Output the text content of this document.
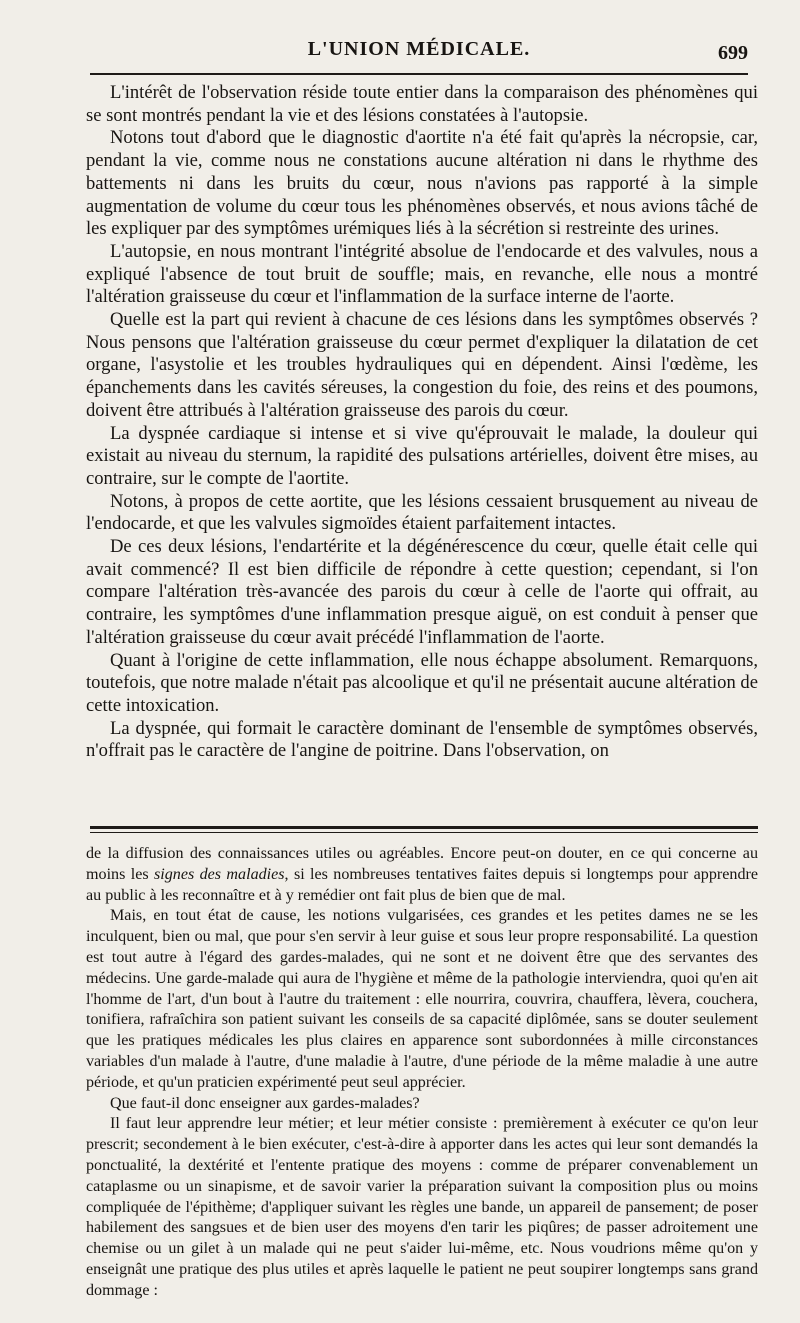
L'UNION MÉDICALE.	699

L'intérêt de l'observation réside toute entier dans la comparaison des phénomènes qui se sont montrés pendant la vie et des lésions constatées à l'autopsie.

Notons tout d'abord que le diagnostic d'aortite n'a été fait qu'après la nécropsie, car, pendant la vie, comme nous ne constations aucune altération ni dans le rhythme des battements ni dans les bruits du cœur, nous n'avions pas rapporté à la simple augmentation de volume du cœur tous les phénomènes observés, et nous avions tâché de les expliquer par des symptômes urémiques liés à la sécrétion si restreinte des urines.

L'autopsie, en nous montrant l'intégrité absolue de l'endocarde et des valvules, nous a expliqué l'absence de tout bruit de souffle; mais, en revanche, elle nous a montré l'altération graisseuse du cœur et l'inflammation de la surface interne de l'aorte.

Quelle est la part qui revient à chacune de ces lésions dans les symptômes observés ? Nous pensons que l'altération graisseuse du cœur permet d'expliquer la dilatation de cet organe, l'asystolie et les troubles hydrauliques qui en dépendent. Ainsi l'œdème, les épanchements dans les cavités séreuses, la congestion du foie, des reins et des poumons, doivent être attribués à l'altération graisseuse des parois du cœur.

La dyspnée cardiaque si intense et si vive qu'éprouvait le malade, la douleur qui existait au niveau du sternum, la rapidité des pulsations artérielles, doivent être mises, au contraire, sur le compte de l'aortite.

Notons, à propos de cette aortite, que les lésions cessaient brusquement au niveau de l'endocarde, et que les valvules sigmoïdes étaient parfaitement intactes.

De ces deux lésions, l'endartérite et la dégénérescence du cœur, quelle était celle qui avait commencé? Il est bien difficile de répondre à cette question; cependant, si l'on compare l'altération très-avancée des parois du cœur à celle de l'aorte qui offrait, au contraire, les symptômes d'une inflammation presque aiguë, on est conduit à penser que l'altération graisseuse du cœur avait précédé l'inflammation de l'aorte.

Quant à l'origine de cette inflammation, elle nous échappe absolument. Remarquons, toutefois, que notre malade n'était pas alcoolique et qu'il ne présentait aucune altération de cette intoxication.

La dyspnée, qui formait le caractère dominant de l'ensemble de symptômes observés, n'offrait pas le caractère de l'angine de poitrine. Dans l'observation, on

de la diffusion des connaissances utiles ou agréables. Encore peut-on douter, en ce qui concerne au moins les signes des maladies, si les nombreuses tentatives faites depuis si longtemps pour apprendre au public à les reconnaître et à y remédier ont fait plus de bien que de mal.

Mais, en tout état de cause, les notions vulgarisées, ces grandes et les petites dames ne se les inculquent, bien ou mal, que pour s'en servir à leur guise et sous leur propre responsabilité. La question est tout autre à l'égard des gardes-malades, qui ne sont et ne doivent être que des servantes des médecins. Une garde-malade qui aura de l'hygiène et même de la pathologie interviendra, quoi qu'en ait l'homme de l'art, d'un bout à l'autre du traitement : elle nourrira, couvrira, chauffera, lèvera, couchera, tonifiera, rafraîchira son patient suivant les conseils de sa capacité diplômée, sans se douter seulement que les pratiques médicales les plus claires en apparence sont subordonnées à mille circonstances variables d'un malade à l'autre, d'une maladie à l'autre, d'une période de la même maladie à une autre période, et qu'un praticien expérimenté peut seul apprécier.

Que faut-il donc enseigner aux gardes-malades?

Il faut leur apprendre leur métier; et leur métier consiste : premièrement à exécuter ce qu'on leur prescrit; secondement à le bien exécuter, c'est-à-dire à apporter dans les actes qui leur sont demandés la ponctualité, la dextérité et l'entente pratique des moyens : comme de préparer convenablement un cataplasme ou un sinapisme, et de savoir varier la préparation suivant la composition plus ou moins compliquée de l'épithème; d'appliquer suivant les règles une bande, un appareil de pansement; de poser habilement des sangsues et de bien user des moyens d'en tarir les piqûres; de passer adroitement une chemise ou un gilet à un malade qui ne peut s'aider lui-même, etc. Nous voudrions même qu'on y enseignât une pratique des plus utiles et après laquelle le patient ne peut soupirer longtemps sans grand dommage :
